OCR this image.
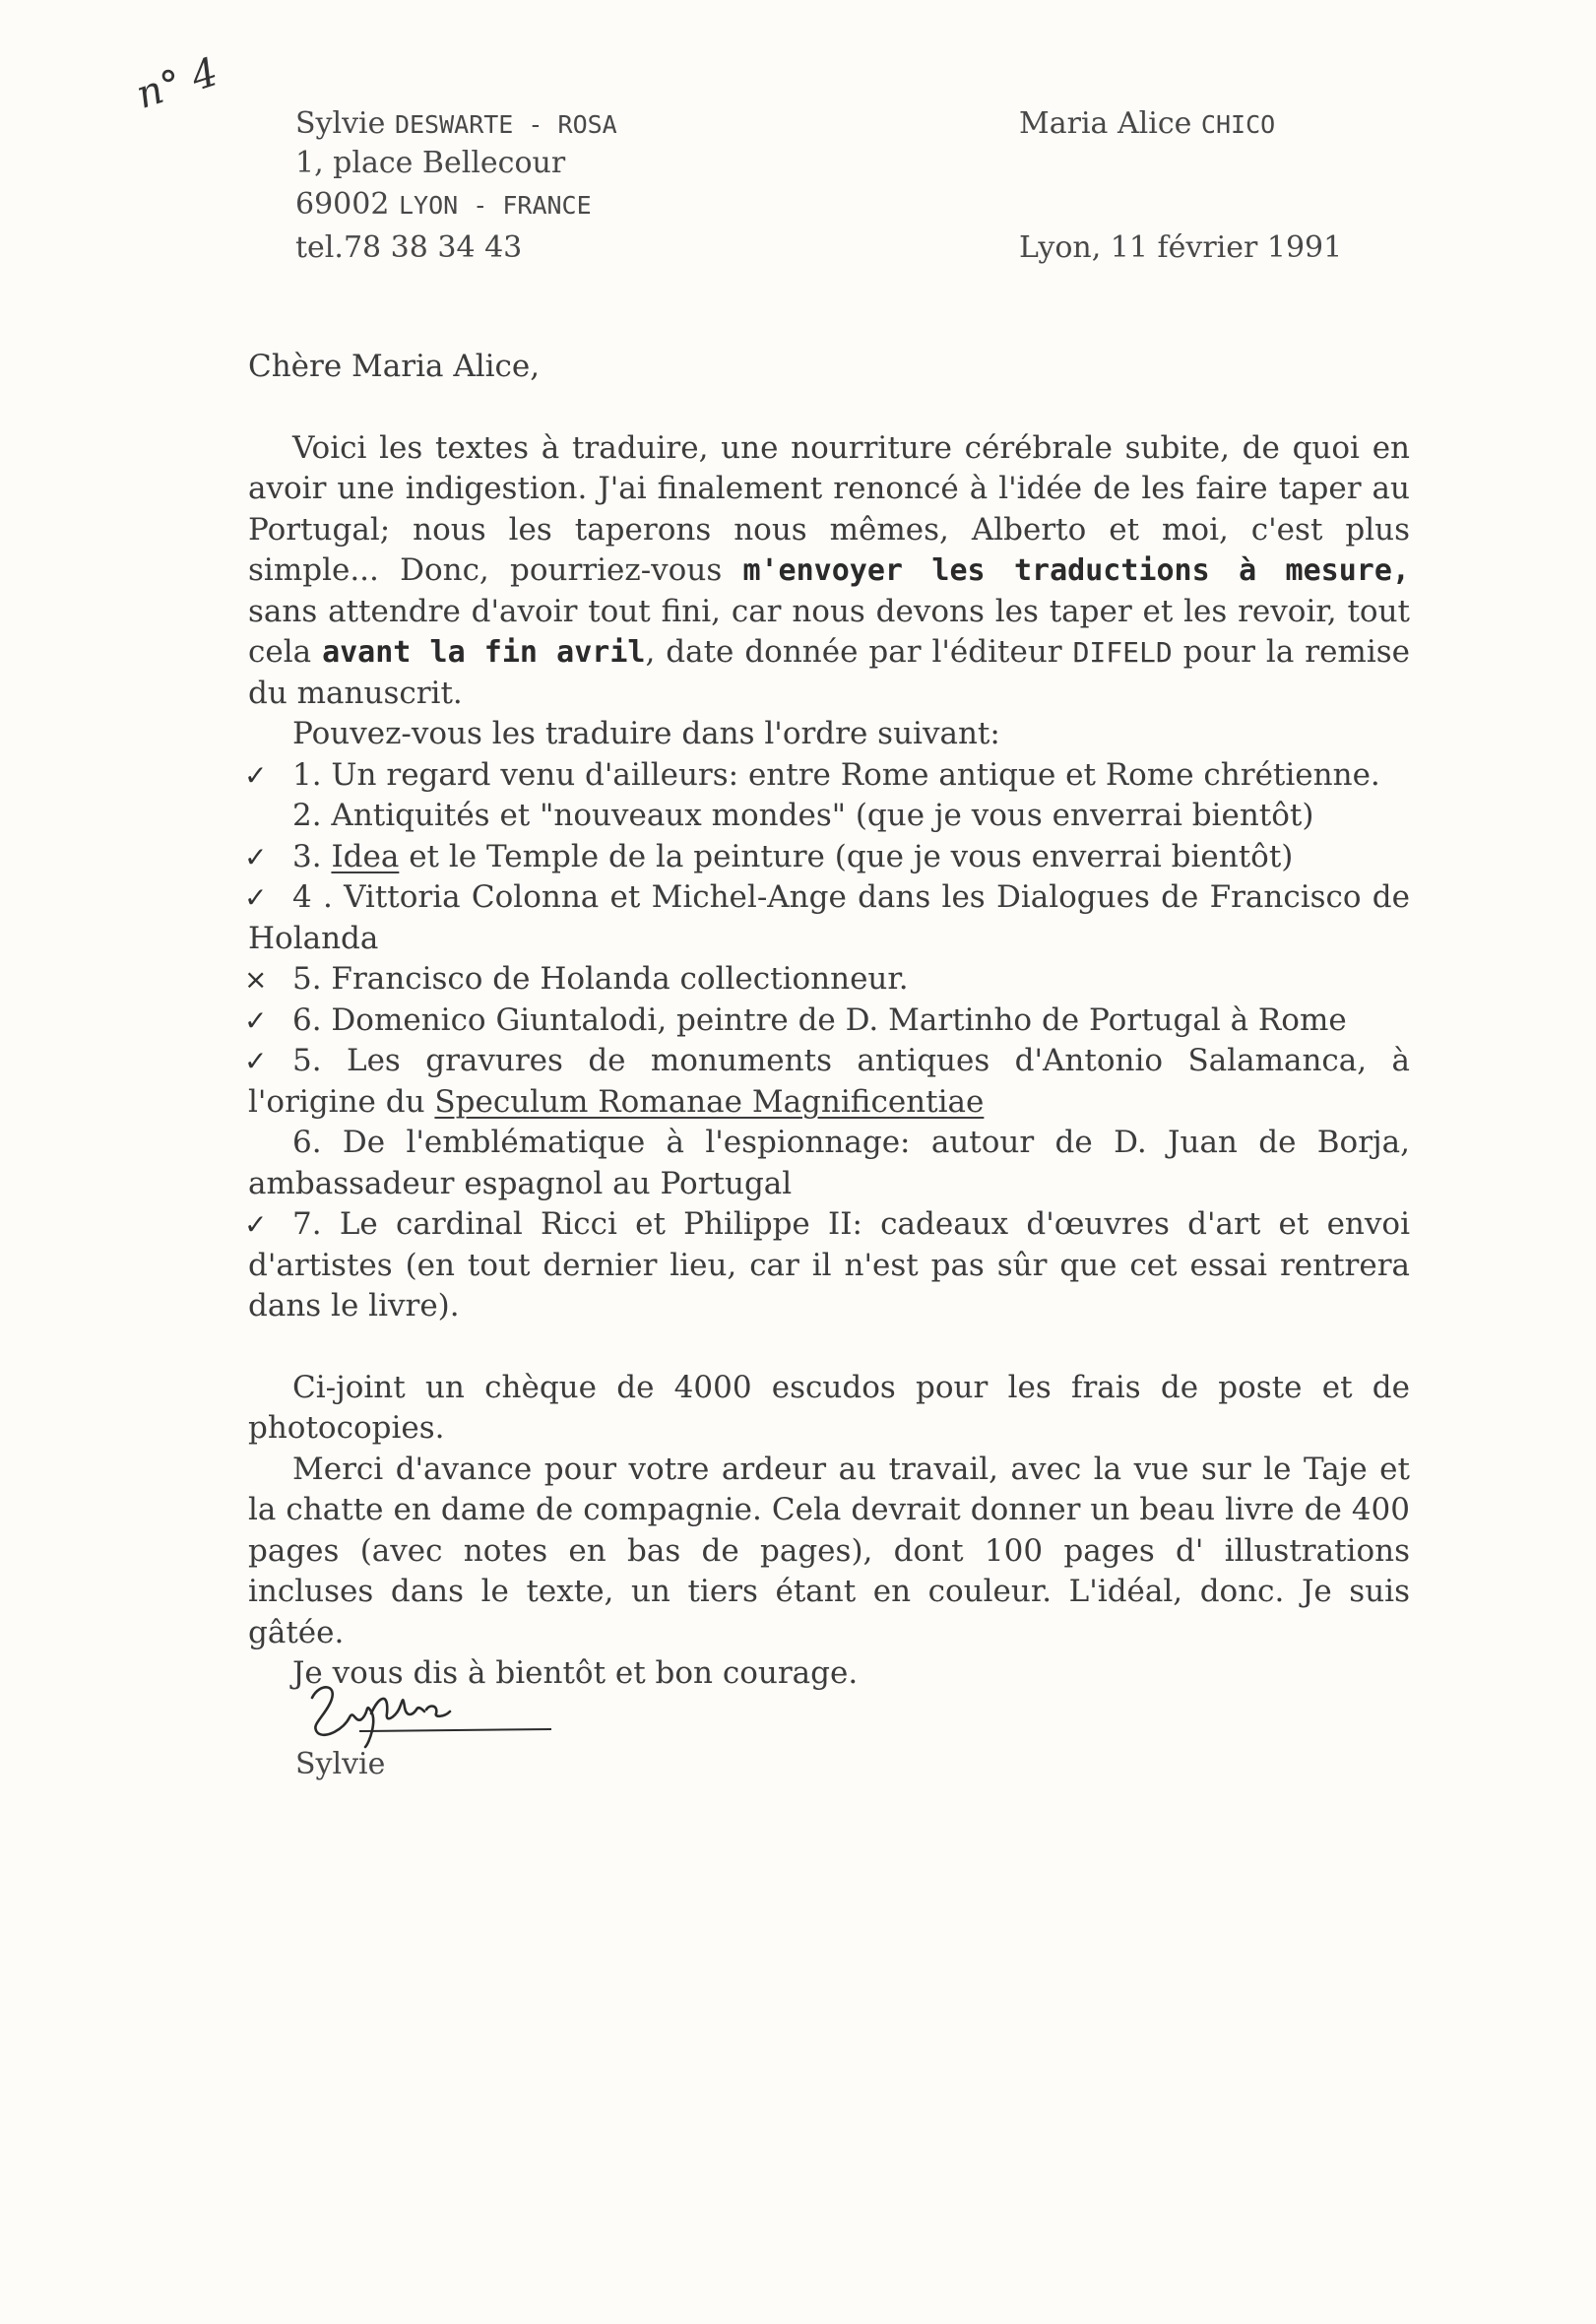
n° 4
Sylvie DESWARTE - ROSA
1, place Bellecour
69002 LYON - FRANCE
tel.78 38 34 43
Maria Alice CHICO
Lyon, 11 février 1991

Chère Maria Alice,

Voici les textes à traduire, une nourriture cérébrale subite, de quoi en avoir une indigestion. J'ai finalement renoncé à l'idée de les faire taper au Portugal; nous les taperons nous mêmes, Alberto et moi, c'est plus simple... Donc, pourriez-vous m'envoyer les traductions à mesure, sans attendre d'avoir tout fini, car nous devons les taper et les revoir, tout cela avant la fin avril, date donnée par l'éditeur DIFELD pour la remise du manuscrit.

Pouvez-vous les traduire dans l'ordre suivant:

✓ 1. Un regard venu d'ailleurs: entre Rome antique et Rome chrétienne.

2. Antiquités et "nouveaux mondes" (que je vous enverrai bientôt)

✓ 3. Idea et le Temple de la peinture (que je vous enverrai bientôt)

✓ 4 . Vittoria Colonna et Michel-Ange dans les Dialogues de Francisco de Holanda

× 5. Francisco de Holanda collectionneur.

✓ 6. Domenico Giuntalodi, peintre de D. Martinho de Portugal à Rome

✓ 5. Les gravures de monuments antiques d'Antonio Salamanca, à l'origine du Speculum Romanae Magnificentiae

6. De l'emblématique à l'espionnage: autour de D. Juan de Borja, ambassadeur espagnol au Portugal

✓ 7. Le cardinal Ricci et Philippe II: cadeaux d'œuvres d'art et envoi d'artistes (en tout dernier lieu, car il n'est pas sûr que cet essai rentrera dans le livre).

Ci-joint un chèque de 4000 escudos pour les frais de poste et de photocopies.

Merci d'avance pour votre ardeur au travail, avec la vue sur le Taje et la chatte en dame de compagnie. Cela devrait donner un beau livre de 400 pages (avec notes en bas de pages), dont 100 pages d' illustrations incluses dans le texte, un tiers étant en couleur. L'idéal, donc. Je suis gâtée.

Je vous dis à bientôt et bon courage.

Sylvie
